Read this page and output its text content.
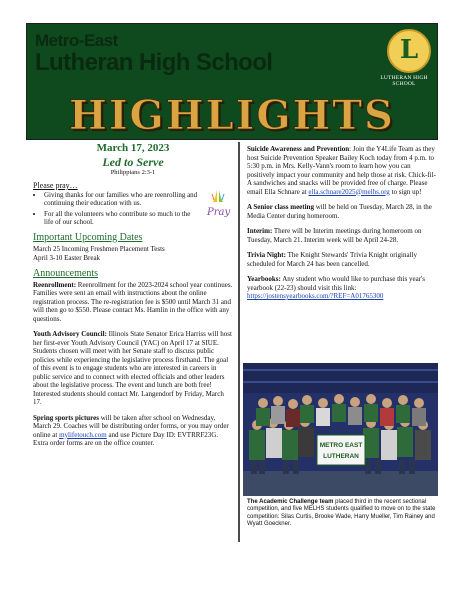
Metro-East
Lutheran High School	L
LUTHERAN HIGH SCHOOL
HIGHLIGHTS
March 17, 2023
Led to Serve
Philippians 2:3-1
Please pray…
• Giving thanks for our families who are reenrolling and continuing their education with us.
• For all the volunteers who contribute so much to the life of our school.
Pray
Important Upcoming Dates
March 25 Incoming Freshmen Placement Tests
April 3-10 Easter Break
Announcements
Reenrollment: Reenrollment for the 2023-2024 school year continues. Families were sent an email with instructions about the online registration process. The re-registration fee is $500 until March 31 and will then go to $550. Please contact Ms. Hamlin in the office with any questions.
Youth Advisory Council: Illinois State Senator Erica Harriss will host her first-ever Youth Advisory Council (YAC) on April 17 at SIUE. Students chosen will meet with her Senate staff to discuss public policies while experiencing the legislative process firsthand. The goal of this event is to engage students who are interested in careers in public service and to connect with elected officials and other leaders about the legislative process. The event and lunch are both free! Interested students should contact Mr. Langendorf by Friday, March 17.
Spring sports pictures will be taken after school on Wednesday, March 29. Coaches will be distributing order forms, or you may order online at mylifetouch.com and use Picture Day ID: EVTRRF23G. Extra order forms are on the office counter.
Suicide Awareness and Prevention: Join the Y4Life Team as they host Suicide Prevention Speaker Bailey Koch today from 4 p.m. to 5:30 p.m. in Mrs. Kelly-Vann's room to learn how you can positively impact your community and help those at risk. Chick-fil-A sandwiches and snacks will be provided free of charge. Please email Ella Schnare at ella.schnare2025@melhs.org to sign up!
A Senior class meeting will be held on Tuesday, March 28, in the Media Center during homeroom.
Interim: There will be Interim meetings during homeroom on Tuesday, March 21. Interim week will be April 24-28.
Trivia Night: The Knight Stewards' Trivia Knight originally scheduled for March 24 has been cancelled.
Yearbooks: Any student who would like to purchase this year's yearbook (22-23) should visit this link:
https://jostensyearbooks.com/?REF=A01765300
METRO EAST
LUTHERAN
The Academic Challenge team placed third in the recent sectional competition, and five MELHS students qualified to move on to the state competition: Silas Curtis, Brooke Wade, Harry Mueller, Tim Rainey and Wyatt Goeckner.
